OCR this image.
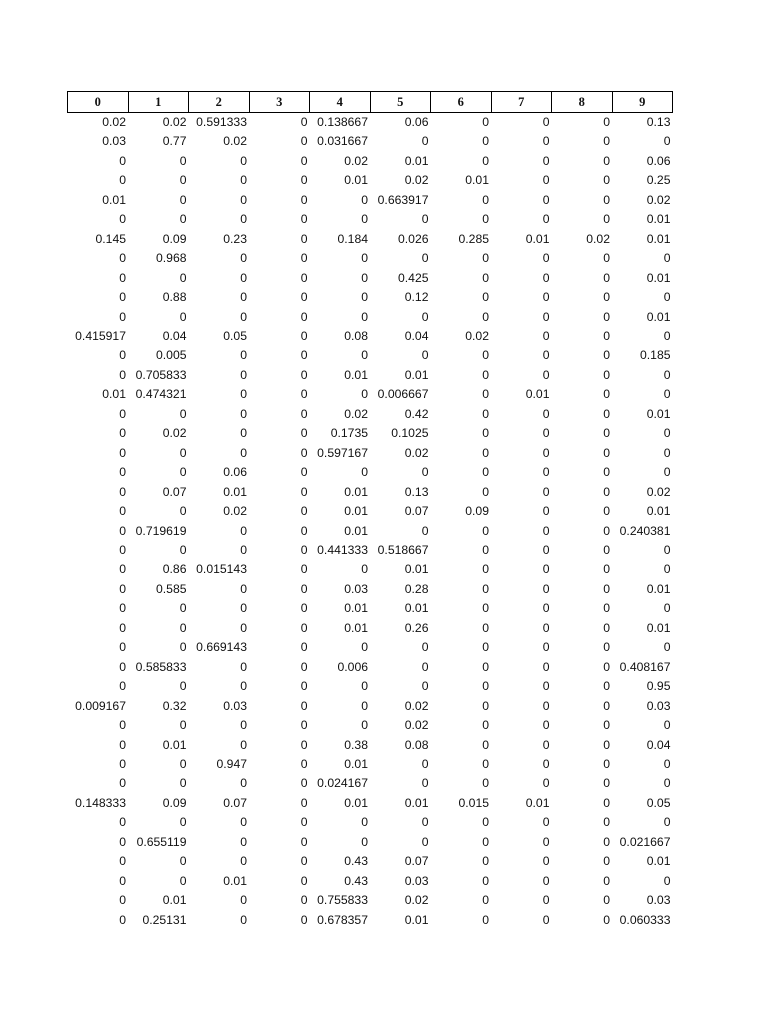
0	1	2	3	4	5	6	7	8	9
0.02	0.02	0.591333	0	0.138667	0.06	0	0	0	0.13
0.03	0.77	0.02	0	0.031667	0	0	0	0	0
0	0	0	0	0.02	0.01	0	0	0	0.06
0	0	0	0	0.01	0.02	0.01	0	0	0.25
0.01	0	0	0	0	0.663917	0	0	0	0.02
0	0	0	0	0	0	0	0	0	0.01
0.145	0.09	0.23	0	0.184	0.026	0.285	0.01	0.02	0.01
0	0.968	0	0	0	0	0	0	0	0
0	0	0	0	0	0.425	0	0	0	0.01
0	0.88	0	0	0	0.12	0	0	0	0
0	0	0	0	0	0	0	0	0	0.01
0.415917	0.04	0.05	0	0.08	0.04	0.02	0	0	0
0	0.005	0	0	0	0	0	0	0	0.185
0	0.705833	0	0	0.01	0.01	0	0	0	0
0.01	0.474321	0	0	0	0.006667	0	0.01	0	0
0	0	0	0	0.02	0.42	0	0	0	0.01
0	0.02	0	0	0.1735	0.1025	0	0	0	0
0	0	0	0	0.597167	0.02	0	0	0	0
0	0	0.06	0	0	0	0	0	0	0
0	0.07	0.01	0	0.01	0.13	0	0	0	0.02
0	0	0.02	0	0.01	0.07	0.09	0	0	0.01
0	0.719619	0	0	0.01	0	0	0	0	0.240381
0	0	0	0	0.441333	0.518667	0	0	0	0
0	0.86	0.015143	0	0	0.01	0	0	0	0
0	0.585	0	0	0.03	0.28	0	0	0	0.01
0	0	0	0	0.01	0.01	0	0	0	0
0	0	0	0	0.01	0.26	0	0	0	0.01
0	0	0.669143	0	0	0	0	0	0	0
0	0.585833	0	0	0.006	0	0	0	0	0.408167
0	0	0	0	0	0	0	0	0	0.95
0.009167	0.32	0.03	0	0	0.02	0	0	0	0.03
0	0	0	0	0	0.02	0	0	0	0
0	0.01	0	0	0.38	0.08	0	0	0	0.04
0	0	0.947	0	0.01	0	0	0	0	0
0	0	0	0	0.024167	0	0	0	0	0
0.148333	0.09	0.07	0	0.01	0.01	0.015	0.01	0	0.05
0	0	0	0	0	0	0	0	0	0
0	0.655119	0	0	0	0	0	0	0	0.021667
0	0	0	0	0.43	0.07	0	0	0	0.01
0	0	0.01	0	0.43	0.03	0	0	0	0
0	0.01	0	0	0.755833	0.02	0	0	0	0.03
0	0.25131	0	0	0.678357	0.01	0	0	0	0.060333
